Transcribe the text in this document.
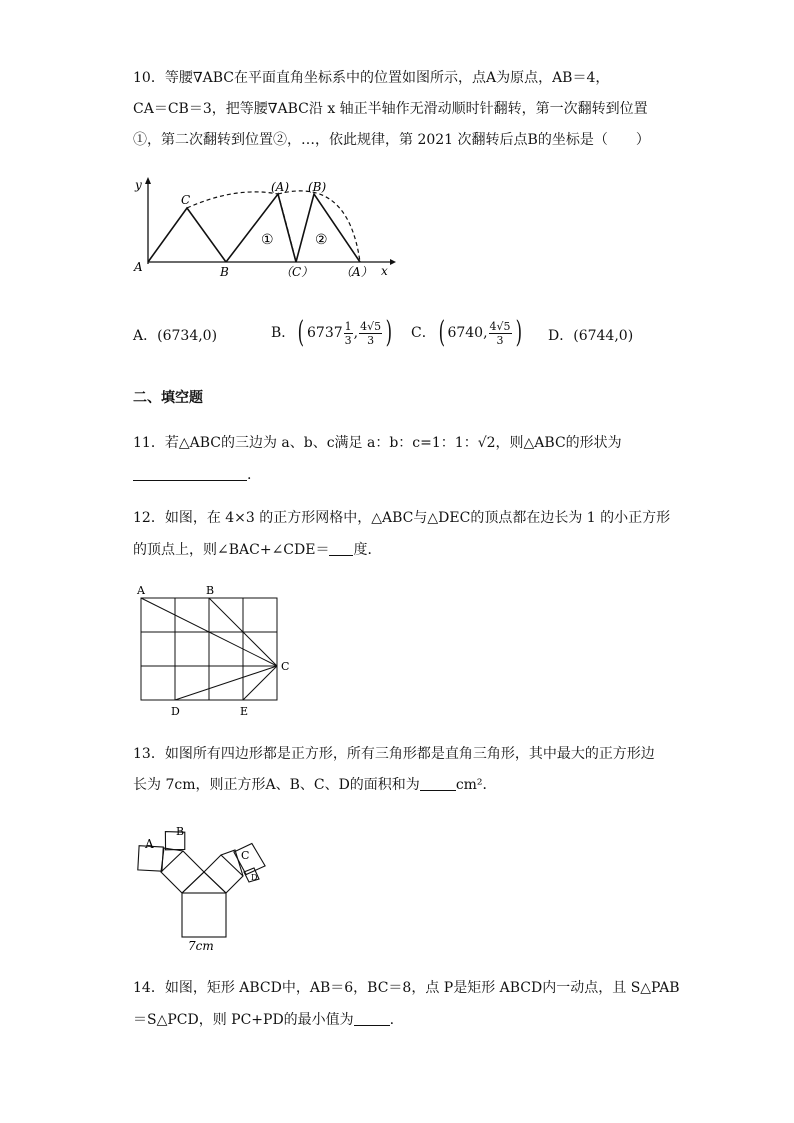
10．等腰∇ABC在平面直角坐标系中的位置如图所示，点A为原点，AB＝4，
CA＝CB＝3，把等腰∇ABC沿 x 轴正半轴作无滑动顺时针翻转，第一次翻转到位置
①，第二次翻转到位置②，…，依此规律，第 2021 次翻转后点B的坐标是（　　）
y
x
A	B
C
(A) (B)
（C） （A）
①	②
A．(6734,0)	B．( $6737 \frac{1}{3}$ , $\frac{4√5}{3}$ ) C．( 6740, $\frac{4√5}{3}$ ) D．(6744,0)
二、填空题
11．若△ABC的三边为 a、b、c满足 a：b：c=1：1：√2，则△ABC的形状为
.
12．如图，在 4×3 的正方形网格中，△ABC与△DEC的顶点都在边长为 1 的小正方形
的顶点上，则∠BAC+∠CDE＝ 度．
A	B
C
D	E
13．如图所有四边形都是正方形，所有三角形都是直角三角形，其中最大的正方形边
长为 7cm，则正方形A、B、C、D的面积和为	cm²．
A
B
C
D
7cm
14．如图，矩形 ABCD中，AB＝6，BC＝8，点 P是矩形 ABCD内一动点，且 S△PAB
＝S△PCD，则 PC+PD的最小值为	.
